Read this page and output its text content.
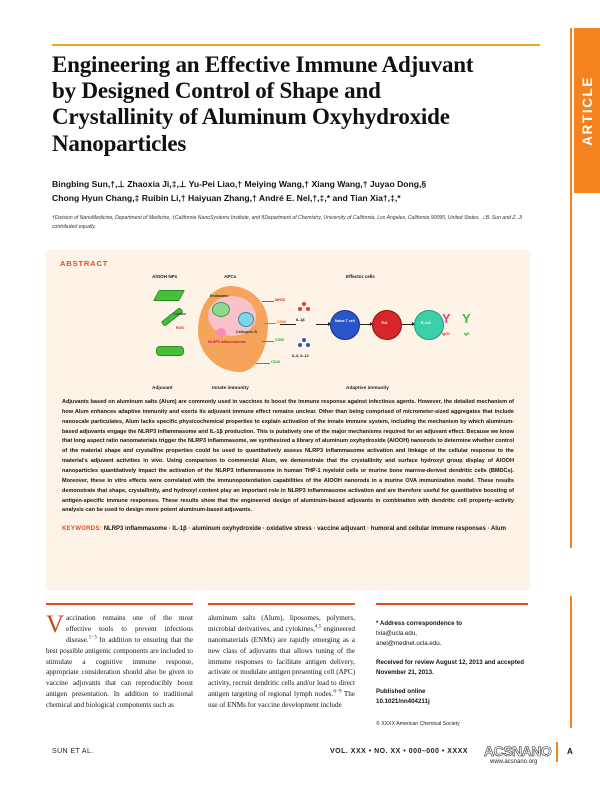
ARTICLE
Engineering an Effective Immune Adjuvant by Designed Control of Shape and Crystallinity of Aluminum Oxyhydroxide Nanoparticles
Bingbing Sun,†,⊥ Zhaoxia Ji,‡,⊥ Yu-Pei Liao,† Meiying Wang,† Xiang Wang,† Juyao Dong,§
Chong Hyun Chang,‡ Ruibin Li,† Haiyuan Zhang,† André E. Nel,†,‡,* and Tian Xia†,‡,*
†Division of NanoMedicine, Department of Medicine, ‡California NanoSystems Institute, and §Department of Chemistry, University of California, Los Angeles, California 90095, United States. ⊥B. Sun and Z. Ji contributed equally.
ABSTRACT
AlOOH NPs	APCs	Effector cells
Uptake
ROS
Endosome
NLRP3 inflammasome
Cathepsin B
MHCII
CD86
CD80
CD40
IL-1β
IL-6, IL-12
Naïve T cell	Th2	B cell Y
IgG1
Y
IgE
Adjuvant	Innate immunity	Adaptive immunity
Adjuvants based on aluminum salts (Alum) are commonly used in vaccines to boost the immune response against infectious agents. However, the detailed mechanism of how Alum enhances adaptive immunity and exerts its adjuvant immune effect remains unclear. Other than being comprised of micrometer-sized aggregates that include nanoscale particulates, Alum lacks specific physicochemical properties to explain activation of the innate immune system, including the mechanism by which aluminum-based adjuvants engage the NLRP3 inflammasome and IL-1β production. This is putatively one of the major mechanisms required for an adjuvant effect. Because we know that long aspect ratio nanomaterials trigger the NLRP3 inflammasome, we synthesized a library of aluminum oxyhydroxide (AlOOH) nanorods to determine whether control of the material shape and crystalline properties could be used to quantitatively assess NLRP3 inflammasome activation and linkage of the cellular response to the material's adjuvant activities in vivo. Using comparison to commercial Alum, we demonstrate that the crystallinity and surface hydroxyl group display of AlOOH nanoparticles quantitatively impact the activation of the NLRP3 inflammasome in human THP-1 myeloid cells or murine bone marrow-derived dendritic cells (BMDCs). Moreover, these in vitro effects were correlated with the immunopotentiation capabilities of the AlOOH nanorods in a murine OVA immunization model. These results demonstrate that shape, crystallinity, and hydroxyl content play an important role in NLRP3 inflammasome activation and are therefore useful for quantitative boosting of antigen-specific immune responses. These results show that the engineered design of aluminum-based adjuvants in combination with dendritic cell property−activity analysis can be used to design more potent aluminum-based adjuvants.
KEYWORDS: NLRP3 inflammasome · IL-1β · aluminum oxyhydroxide · oxidative stress · vaccine adjuvant · humoral and cellular immune responses · Alum
Vaccination remains one of the most effective tools to prevent infectious disease.$^{1-3}$ In addition to ensuring that the best possible antigenic components are included to stimulate a cognitive immune response, appropriate consideration should also be given to vaccine adjuvants that can reproducibly boost antigen presentation. In addition to traditional chemical and biological components such as
aluminum salts (Alum), liposomes, polymers, microbial derivatives, and cytokines,$^{4,5}$ engineered nanomaterials (ENMs) are rapidly emerging as a new class of adjuvants that allows tuning of the immune responses to facilitate antigen delivery, activate or modulate antigen presenting cell (APC) activity, recruit dendritic cells and/or lead to direct antigen targeting of regional lymph nodes.$^{6-9}$ The use of ENMs for vaccine development include
* Address correspondence to
txia@ucla.edu,
anel@mednet.ucla.edu.
Received for review August 12, 2013 and accepted November 21, 2013.
Published online
10.1021/nn404211j
© XXXX American Chemical Society
SUN ET AL.	VOL. XXX • NO. XX • 000–000 • XXXX ACSNANO
www.acsnano.org
A
